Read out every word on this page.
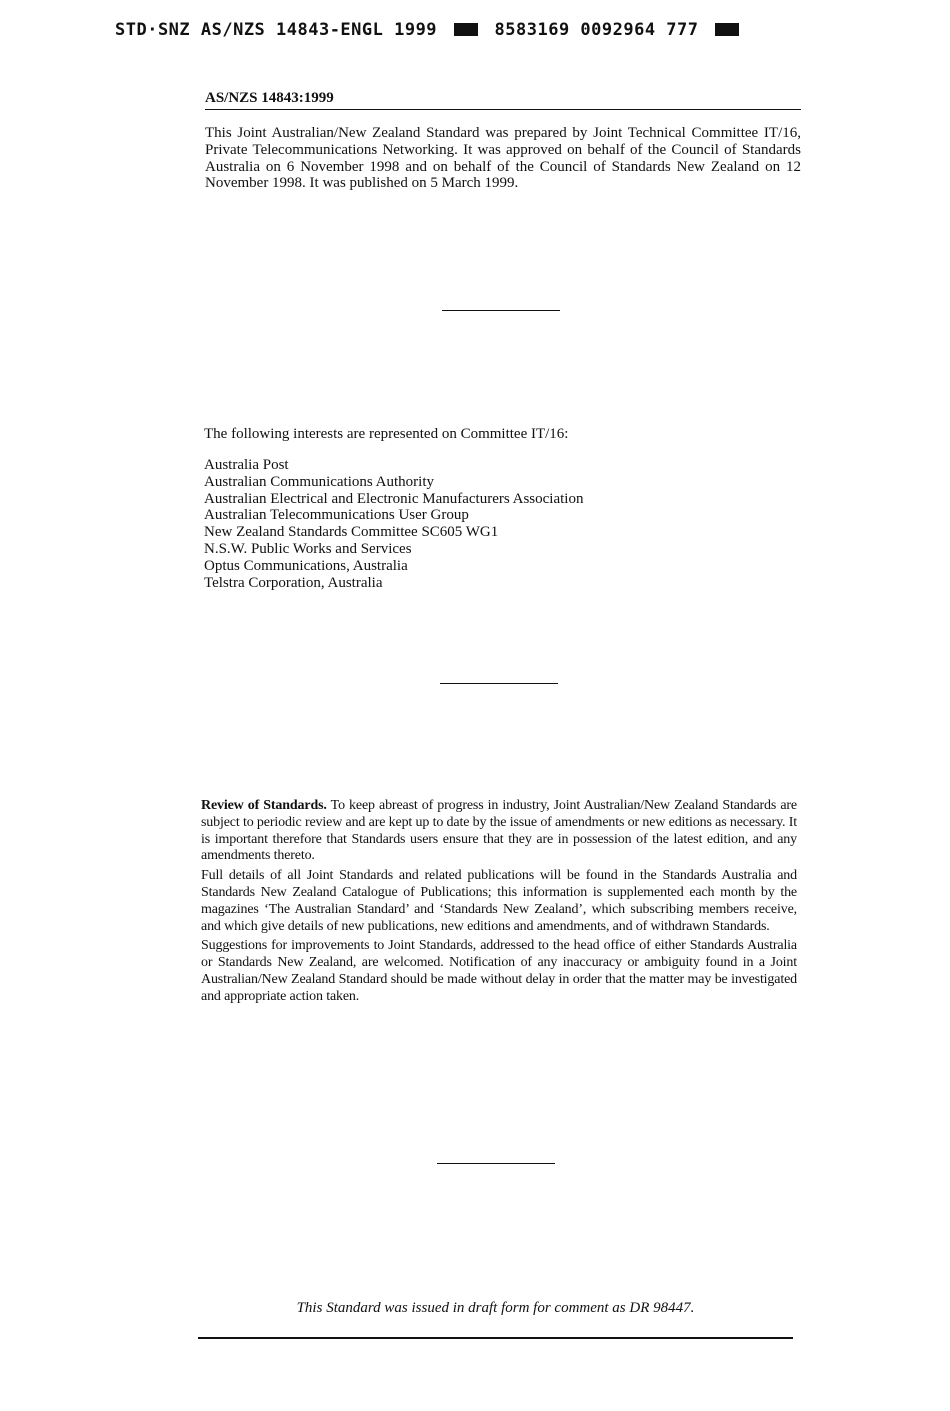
STD·SNZ AS/NZS 14843-ENGL 1999	8583169 0092964 777
AS/NZS 14843:1999
This Joint Australian/New Zealand Standard was prepared by Joint Technical Committee IT/16, Private Telecommunications Networking. It was approved on behalf of the Council of Standards Australia on 6 November 1998 and on behalf of the Council of Standards New Zealand on 12 November 1998. It was published on 5 March 1999.
The following interests are represented on Committee IT/16:
Australia Post
Australian Communications Authority
Australian Electrical and Electronic Manufacturers Association
Australian Telecommunications User Group
New Zealand Standards Committee SC605 WG1
N.S.W. Public Works and Services
Optus Communications, Australia
Telstra Corporation, Australia

Review of Standards. To keep abreast of progress in industry, Joint Australian/New Zealand Standards are subject to periodic review and are kept up to date by the issue of amendments or new editions as necessary. It is important therefore that Standards users ensure that they are in possession of the latest edition, and any amendments thereto.

Full details of all Joint Standards and related publications will be found in the Standards Australia and Standards New Zealand Catalogue of Publications; this information is supplemented each month by the magazines ‘The Australian Standard’ and ‘Standards New Zealand’, which subscribing members receive, and which give details of new publications, new editions and amendments, and of withdrawn Standards.

Suggestions for improvements to Joint Standards, addressed to the head office of either Standards Australia or Standards New Zealand, are welcomed. Notification of any inaccuracy or ambiguity found in a Joint Australian/New Zealand Standard should be made without delay in order that the matter may be investigated and appropriate action taken.

This Standard was issued in draft form for comment as DR 98447.
